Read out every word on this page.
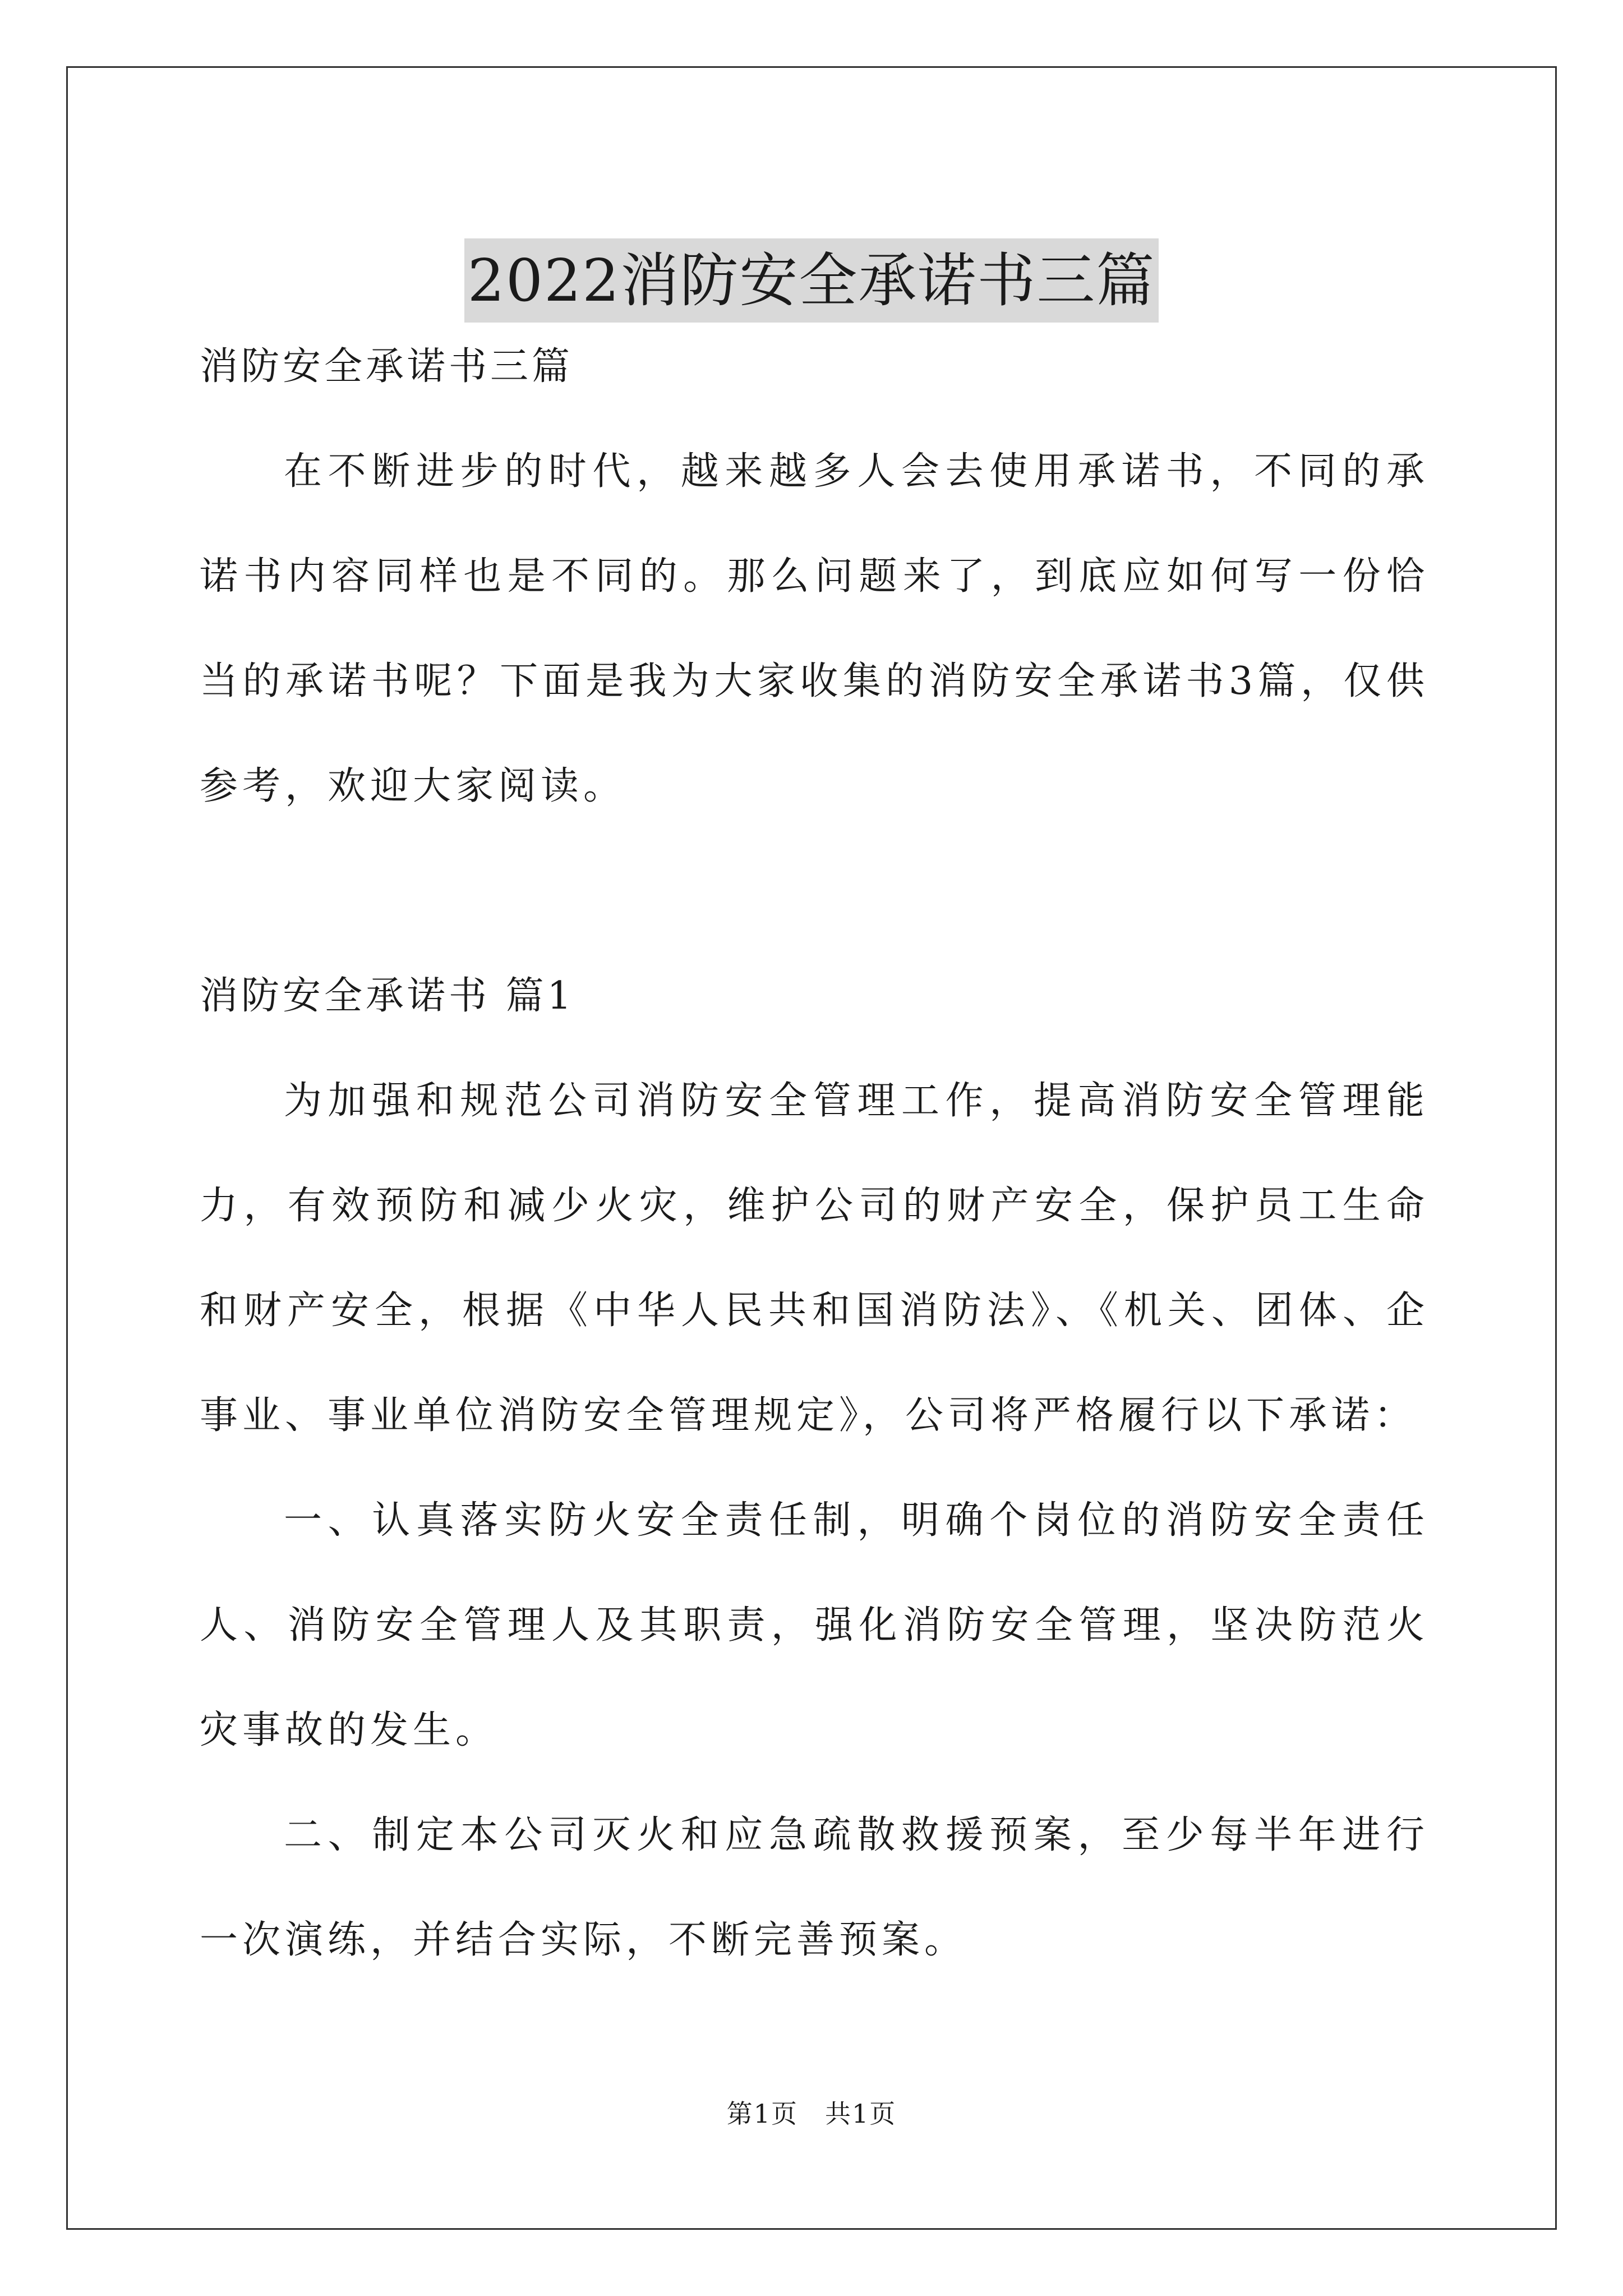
2022消防安全承诺书三篇

消防安全承诺书三篇

在不断进步的时代，越来越多人会去使用承诺书，不同的承诺书内容同样也是不同的。那么问题来了，到底应如何写一份恰当的承诺书呢？下面是我为大家收集的消防安全承诺书3篇，仅供参考，欢迎大家阅读。

消防安全承诺书 篇1

为加强和规范公司消防安全管理工作，提高消防安全管理能力，有效预防和减少火灾，维护公司的财产安全，保护员工生命和财产安全，根据《中华人民共和国消防法》、《机关、团体、企事业、事业单位消防安全管理规定》，公司将严格履行以下承诺：

一、认真落实防火安全责任制，明确个岗位的消防安全责任人、消防安全管理人及其职责，强化消防安全管理，坚决防范火灾事故的发生。

二、制定本公司灭火和应急疏散救援预案，至少每半年进行一次演练，并结合实际，不断完善预案。

第1页 共1页
